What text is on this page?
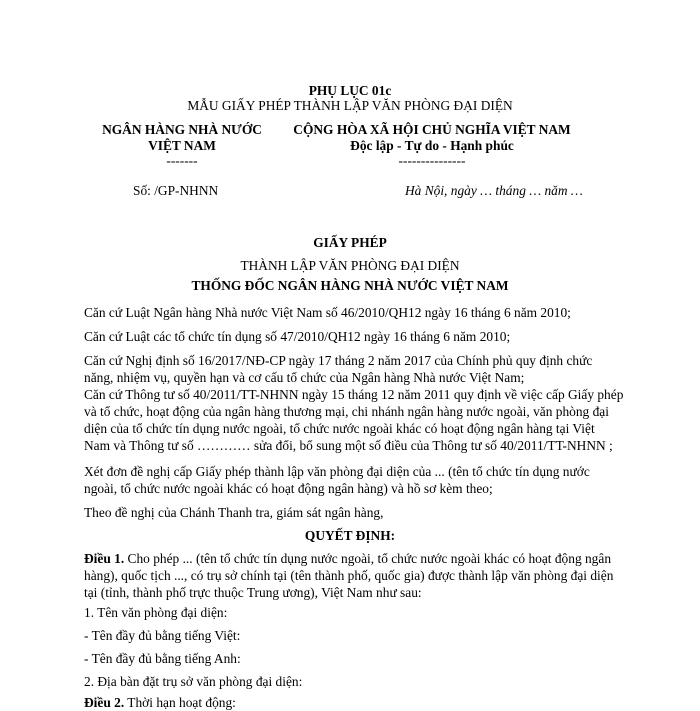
PHỤ LỤC 01c
MẪU GIẤY PHÉP THÀNH LẬP VĂN PHÒNG ĐẠI DIỆN
NGÂN HÀNG NHÀ NƯỚC
VIỆT NAM
-------
CỘNG HÒA XÃ HỘI CHỦ NGHĨA VIỆT NAM
Độc lập - Tự do - Hạnh phúc
---------------
Số: /GP-NHNN	Hà Nội, ngày … tháng … năm …
GIẤY PHÉP
THÀNH LẬP VĂN PHÒNG ĐẠI DIỆN
THỐNG ĐỐC NGÂN HÀNG NHÀ NƯỚC VIỆT NAM
Căn cứ Luật Ngân hàng Nhà nước Việt Nam số 46/2010/QH12 ngày 16 tháng 6 năm 2010;
Căn cứ Luật các tổ chức tín dụng số 47/2010/QH12 ngày 16 tháng 6 năm 2010;
Căn cứ Nghị định số 16/2017/NĐ-CP ngày 17 tháng 2 năm 2017 của Chính phủ quy định chức năng, nhiệm vụ, quyền hạn và cơ cấu tổ chức của Ngân hàng Nhà nước Việt Nam;
Căn cứ Thông tư số 40/2011/TT-NHNN ngày 15 tháng 12 năm 2011 quy định về việc cấp Giấy phép và tổ chức, hoạt động của ngân hàng thương mại, chi nhánh ngân hàng nước ngoài, văn phòng đại diện của tổ chức tín dụng nước ngoài, tổ chức nước ngoài khác có hoạt động ngân hàng tại Việt Nam và Thông tư số ………… sửa đổi, bổ sung một số điều của Thông tư số 40/2011/TT-NHNN ;
Xét đơn đề nghị cấp Giấy phép thành lập văn phòng đại diện của ... (tên tổ chức tín dụng nước ngoài, tổ chức nước ngoài khác có hoạt động ngân hàng) và hồ sơ kèm theo;
Theo đề nghị của Chánh Thanh tra, giám sát ngân hàng,
QUYẾT ĐỊNH:
Điều 1. Cho phép ... (tên tổ chức tín dụng nước ngoài, tổ chức nước ngoài khác có hoạt động ngân hàng), quốc tịch ..., có trụ sở chính tại (tên thành phố, quốc gia) được thành lập văn phòng đại diện tại (tỉnh, thành phố trực thuộc Trung ương), Việt Nam như sau:
1. Tên văn phòng đại diện:
- Tên đầy đủ bằng tiếng Việt:
- Tên đầy đủ bằng tiếng Anh:
2. Địa bàn đặt trụ sở văn phòng đại diện:
Điều 2. Thời hạn hoạt động:
